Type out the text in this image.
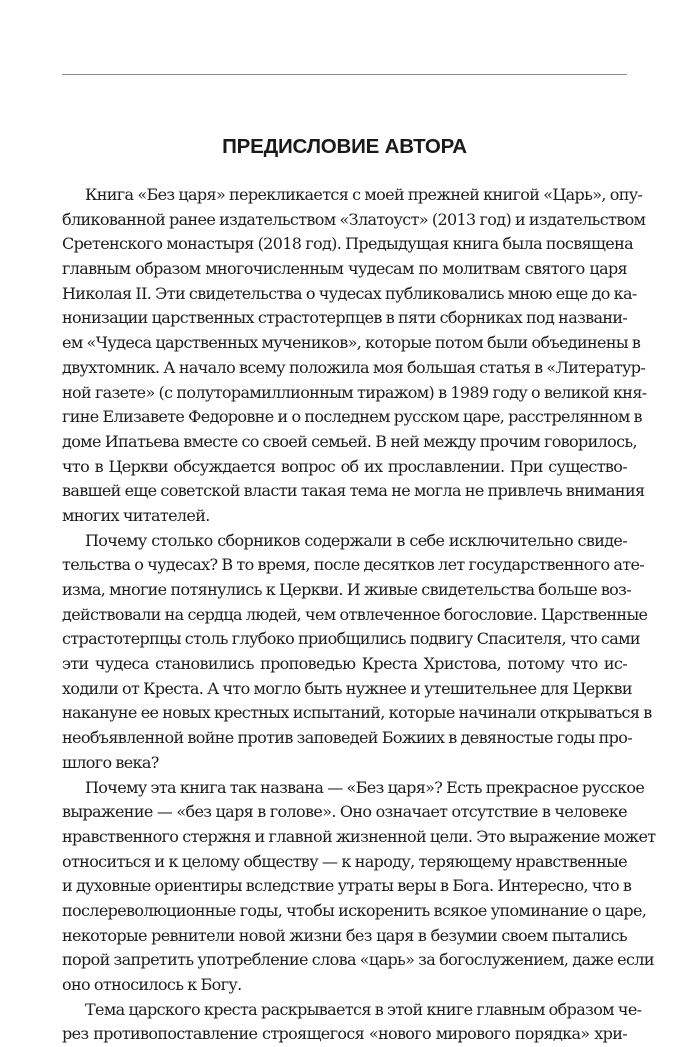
ПРЕДИСЛОВИЕ АВТОРА
Книга «Без царя» перекликается с моей прежней книгой «Царь», опу-
бликованной ранее издательством «Златоуст» (2013 год) и издательством
Сретенского монастыря (2018 год). Предыдущая книга была посвящена
главным образом многочисленным чудесам по молитвам святого царя
Николая II. Эти свидетельства о чудесах публиковались мною еще до ка-
нонизации царственных страстотерпцев в пяти сборниках под названи-
ем «Чудеса царственных мучеников», которые потом были объединены в
двухтомник. А начало всему положила моя большая статья в «Литератур-
ной газете» (с полуторамиллионным тиражом) в 1989 году о великой кня-
гине Елизавете Федоровне и о последнем русском царе, расстрелянном в
доме Ипатьева вместе со своей семьей. В ней между прочим говорилось,
что в Церкви обсуждается вопрос об их прославлении. При существо-
вавшей еще советской власти такая тема не могла не привлечь внимания
многих читателей.
Почему столько сборников содержали в себе исключительно свиде-
тельства о чудесах? В то время, после десятков лет государственного ате-
изма, многие потянулись к Церкви. И живые свидетельства больше воз-
действовали на сердца людей, чем отвлеченное богословие. Царственные
страстотерпцы столь глубоко приобщились подвигу Спасителя, что сами
эти чудеса становились проповедью Креста Христова, потому что ис-
ходили от Креста. А что могло быть нужнее и утешительнее для Церкви
накануне ее новых крестных испытаний, которые начинали открываться в
необъявленной войне против заповедей Божиих в девяностые годы про-
шлого века?
Почему эта книга так названа — «Без царя»? Есть прекрасное русское
выражение — «без царя в голове». Оно означает отсутствие в человеке
нравственного стержня и главной жизненной цели. Это выражение может
относиться и к целому обществу — к народу, теряющему нравственные
и духовные ориентиры вследствие утраты веры в Бога. Интересно, что в
послереволюционные годы, чтобы искоренить всякое упоминание о царе,
некоторые ревнители новой жизни без царя в безумии своем пытались
порой запретить употребление слова «царь» за богослужением, даже если
оно относилось к Богу.
Тема царского креста раскрывается в этой книге главным образом че-
рез противопоставление строящегося «нового мирового порядка» хри-
